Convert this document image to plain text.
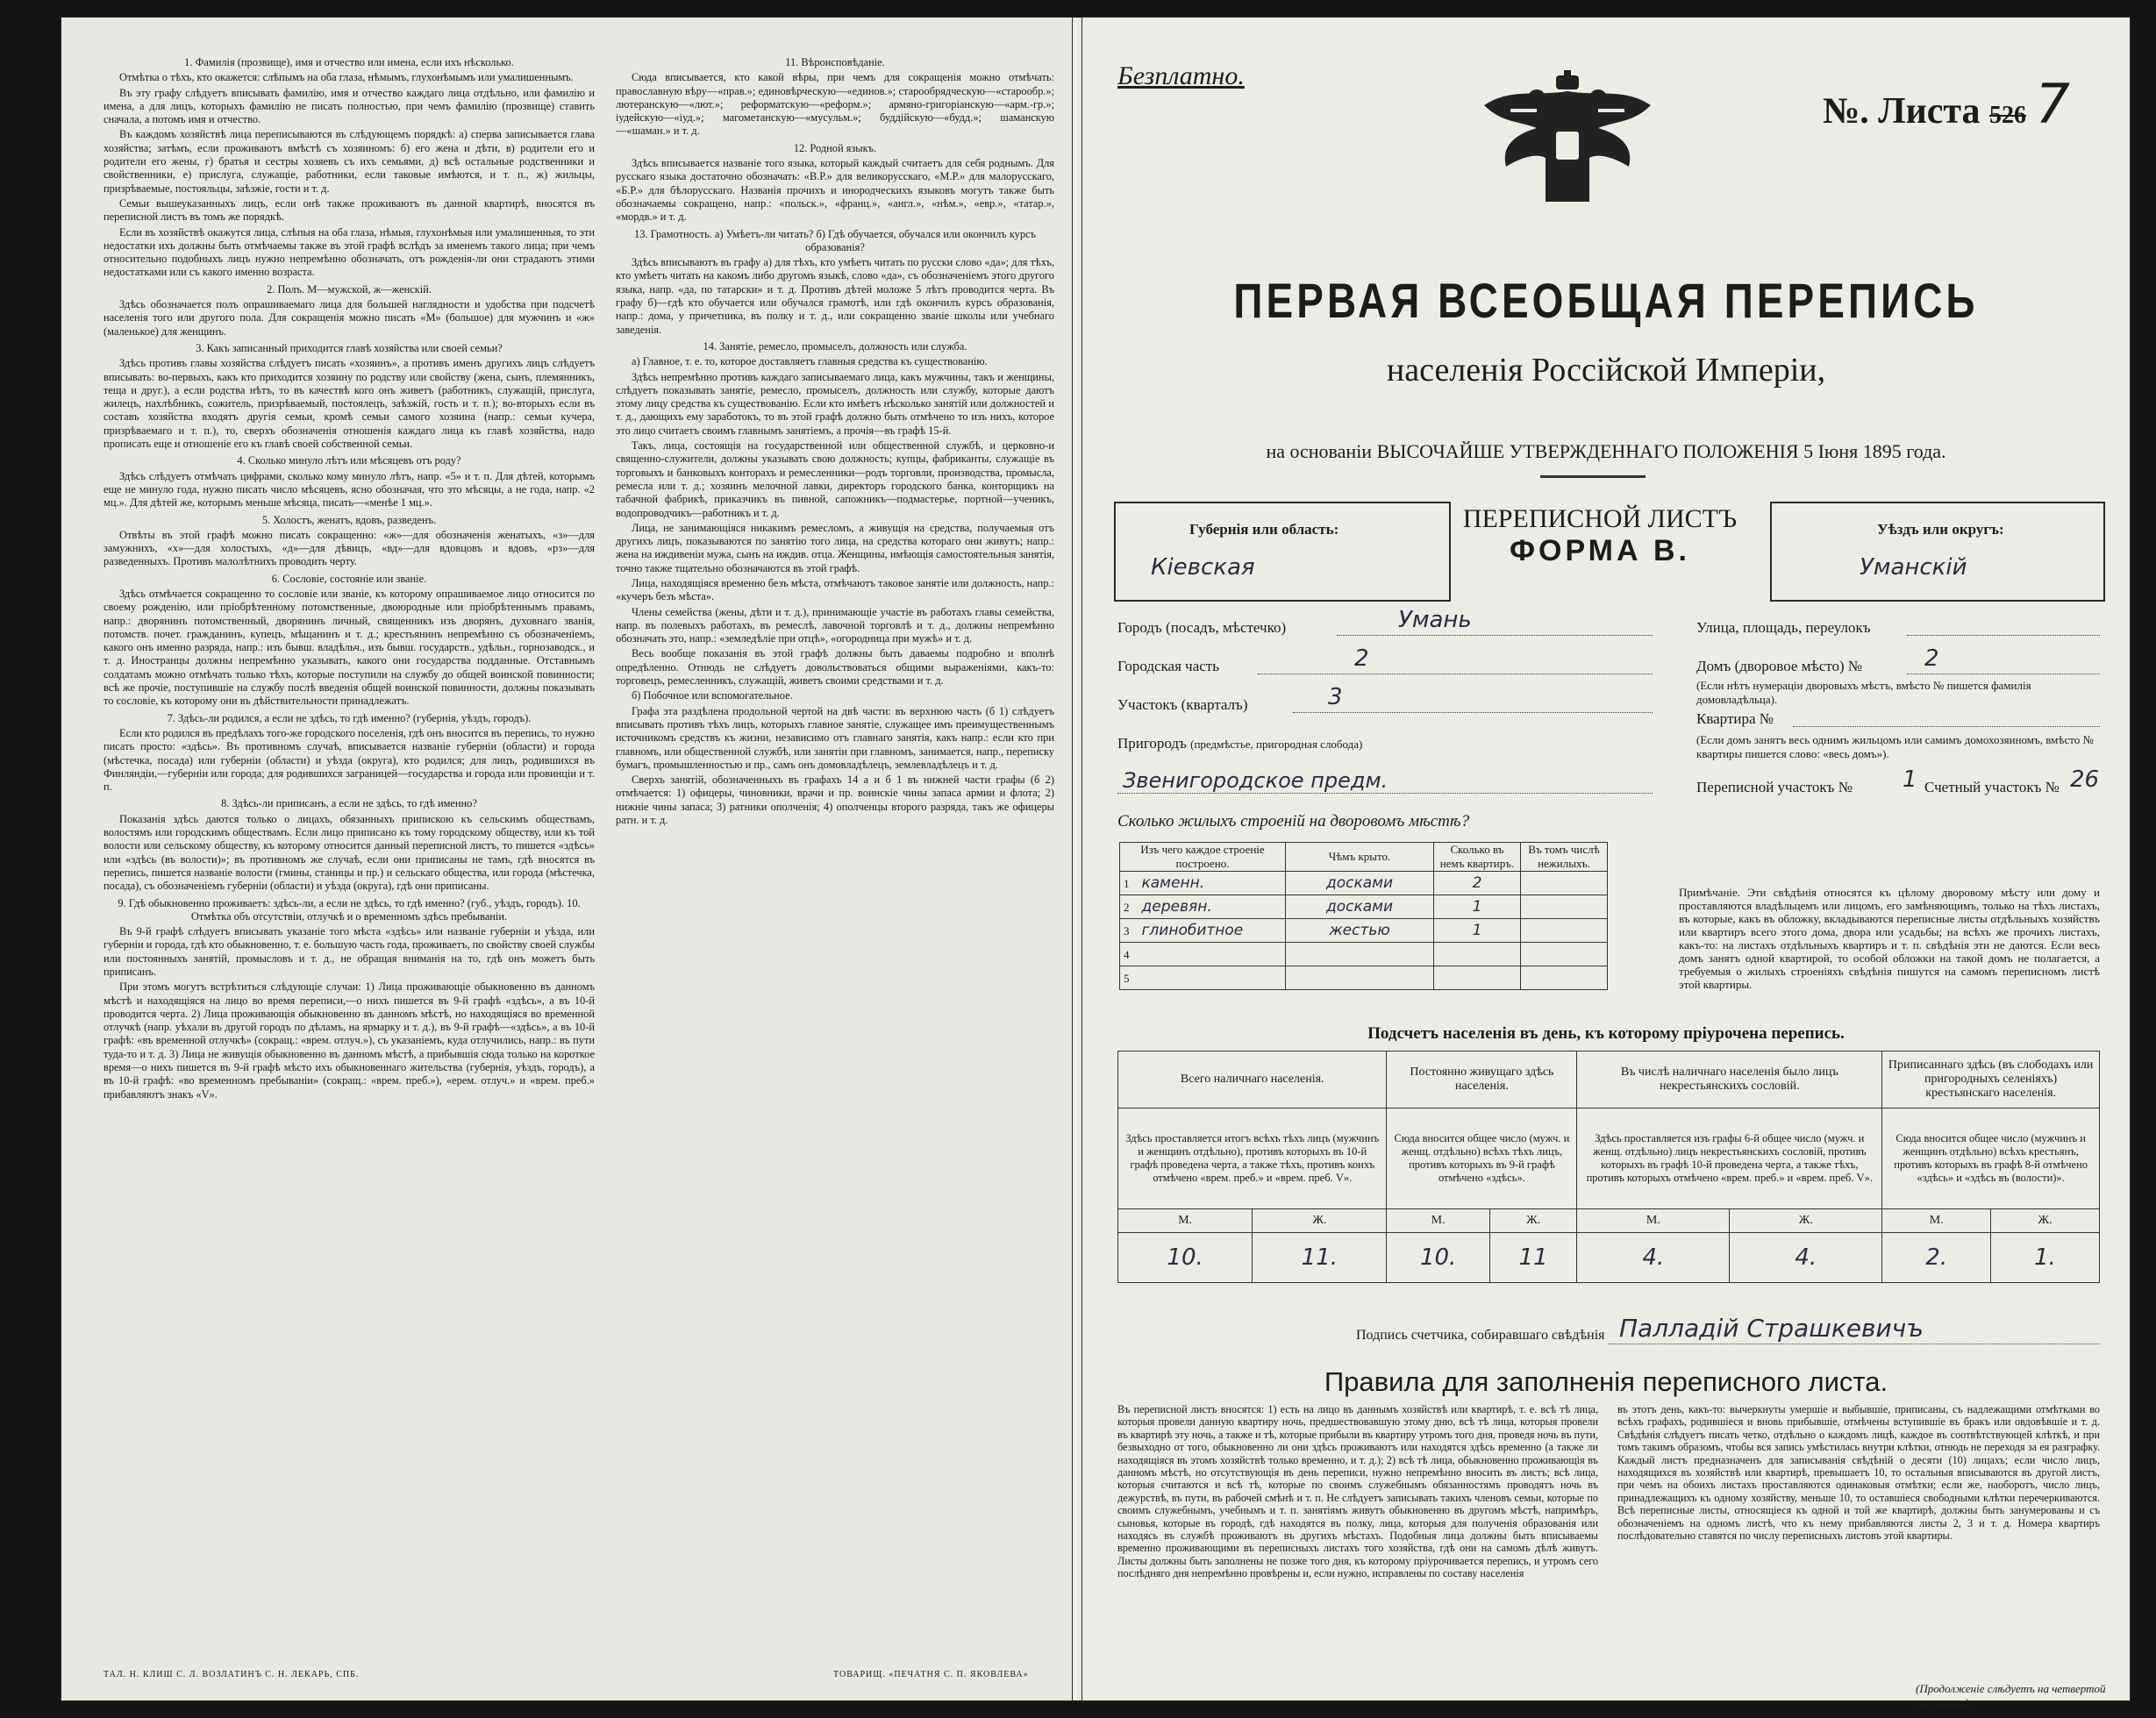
1. Фамилія (прозвище), имя и отчество или имена, если ихъ нѣсколько.
Отмѣтка о тѣхъ, кто окажется: слѣпымъ на оба глаза, нѣмымъ, глухонѣмымъ или умалишеннымъ.
Въ эту графу слѣдуетъ вписывать фамилію, имя и отчество каждаго лица отдѣльно, или фамилію и имена, а для лицъ, которыхъ фамилію не писать полностью, при чемъ фамилію (прозвище) ставить сначала, а потомъ имя и отчество.
Въ каждомъ хозяйствѣ лица переписываются въ слѣдующемъ порядкѣ: а) сперва записывается глава хозяйства; затѣмъ, если проживаютъ вмѣстѣ съ хозяиномъ: б) его жена и дѣти, в) родители его и родители его жены, г) братья и сестры хозяевъ съ ихъ семьями, д) всѣ остальные родственники и свойственники, е) прислуга, служащіе, работники, если таковые имѣются, и т. п., ж) жильцы, призрѣваемые, постояльцы, заѣзжіе, гости и т. д.
Семьи вышеуказанныхъ лицъ, если онѣ также проживаютъ въ данной квартирѣ, вносятся въ переписной листъ въ томъ же порядкѣ.
Если въ хозяйствѣ окажутся лица, слѣпыя на оба глаза, нѣмыя, глухонѣмыя или умалишенныя, то эти недостатки ихъ должны быть отмѣчаемы также въ этой графѣ вслѣдъ за именемъ такого лица; при чемъ относительно подобныхъ лицъ нужно непремѣнно обозначать, отъ рожденія-ли они страдаютъ этими недостатками или съ какого именно возраста.
2. Полъ. М—мужской, ж—женскій.
Здѣсь обозначается полъ опрашиваемаго лица для большей наглядности и удобства при подсчетѣ населенія того или другого пола. Для сокращенія можно писать «М» (большое) для мужчинъ и «ж» (маленькое) для женщинъ.
3. Какъ записанный приходится главѣ хозяйства или своей семьи?
Здѣсь противъ главы хозяйства слѣдуетъ писать «хозяинъ», а противъ именъ другихъ лицъ слѣдуетъ вписывать: во-первыхъ, какъ кто приходится хозяину по родству или свойству (жена, сынъ, племянникъ, теща и друг.), а если родства нѣтъ, то въ качествѣ кого онъ живетъ (работникъ, служащій, прислуга, жилецъ, нахлѣбникъ, сожитель, призрѣваемый, постоялецъ, заѣзжій, гость и т. п.); во-вторыхъ если въ составъ хозяйства входятъ другія семьи, кромѣ семьи самого хозяина (напр.: семьи кучера, призрѣваемаго и т. п.), то, сверхъ обозначенія отношенія каждаго лица къ главѣ хозяйства, надо прописать еще и отношеніе его къ главѣ своей собственной семьи.
4. Сколько минуло лѣтъ или мѣсяцевъ отъ роду?
Здѣсь слѣдуетъ отмѣчать цифрами, сколько кому минуло лѣтъ, напр. «5» и т. п. Для дѣтей, которымъ еще не минуло года, нужно писать число мѣсяцевъ, ясно обозначая, что это мѣсяцы, а не года, напр. «2 мц.». Для дѣтей же, которымъ меньше мѣсяца, писать—«менѣе 1 мц.».
5. Холостъ, женатъ, вдовъ, разведенъ.
Отвѣты въ этой графѣ можно писать сокращенно: «ж»—для обозначенія женатыхъ, «з»—для замужнихъ, «х»—для холостыхъ, «д»—для дѣвицъ, «вд»—для вдовцовъ и вдовъ, «рз»—для разведенныхъ. Противъ малолѣтнихъ проводить черту.
6. Сословіе, состояніе или званіе.
Здѣсь отмѣчается сокращенно то сословіе или званіе, къ которому опрашиваемое лицо относится по своему рожденію, или пріобрѣтенному потомственные, двоюродные или пріобрѣтеннымъ правамъ, напр.: дворянинъ потомственный, дворянинъ личный, священникъ изъ дворянъ, духовнаго званія, потомств. почет. гражданинъ, купецъ, мѣщанинъ и т. д.; крестьянинъ непремѣнно съ обозначеніемъ, какого онъ именно разряда, напр.: изъ бывш. владѣльч., изъ бывш. государств., удѣльн., горнозаводск., и т. д. Иностранцы должны непремѣнно указывать, какого они государства подданные. Отставнымъ солдатамъ можно отмѣчать только тѣхъ, которые поступили на службу до общей воинской повинности; всѣ же прочіе, поступившіе на службу послѣ введенія общей воинской повинности, должны показывать то сословіе, къ которому они въ дѣйствительности принадлежатъ.
7. Здѣсь-ли родился, а если не здѣсь, то гдѣ именно? (губернія, уѣздъ, городъ).
Если кто родился въ предѣлахъ того-же городского поселенія, гдѣ онъ вносится въ перепись, то нужно писать просто: «здѣсь». Въ противномъ случаѣ, вписывается названіе губерніи (области) и города (мѣстечка, посада) или губерніи (области) и уѣзда (округа), кто родился; для лицъ, родившихся въ Финляндіи,—губерніи или города; для родившихся заграницей—государства и города или провинціи и т. п.
8. Здѣсь-ли приписанъ, а если не здѣсь, то гдѣ именно?
Показанія здѣсь даются только о лицахъ, обязанныхъ припискою къ сельскимъ обществамъ, волостямъ или городскимъ обществамъ. Если лицо приписано къ тому городскому обществу, или къ той волости или сельскому обществу, къ которому относится данный переписной листъ, то пишется «здѣсь» или «здѣсь (въ волости)»; въ противномъ же случаѣ, если они приписаны не тамъ, гдѣ вносятся въ перепись, пишется названіе волости (гмины, станицы и пр.) и сельскаго общества, или города (мѣстечка, посада), съ обозначеніемъ губерніи (области) и уѣзда (округа), гдѣ они приписаны.
9. Гдѣ обыкновенно проживаетъ: здѣсь-ли, а если не здѣсь, то гдѣ именно? (губ., уѣздъ, городъ). 10. Отмѣтка объ отсутствіи, отлучкѣ и о временномъ здѣсь пребываніи.
Въ 9-й графѣ слѣдуетъ вписывать указаніе того мѣста «здѣсь» или названіе губерніи и уѣзда, или губерніи и города, гдѣ кто обыкновенно, т. е. большую часть года, проживаетъ, по свойству своей службы или постоянныхъ занятій, промысловъ и т. д., не обращая вниманія на то, гдѣ онъ можетъ быть приписанъ.
При этомъ могутъ встрѣтиться слѣдующіе случаи: 1) Лица проживающіе обыкновенно въ данномъ мѣстѣ и находящіяся на лицо во время переписи,—о нихъ пишется въ 9-й графѣ «здѣсь», а въ 10-й проводится черта. 2) Лица проживающія обыкновенно въ данномъ мѣстѣ, но находящіяся во временной отлучкѣ (напр. уѣхали въ другой городъ по дѣламъ, на ярмарку и т. д.), въ 9-й графѣ—«здѣсь», а въ 10-й графѣ: «въ временной отлучкѣ» (сокращ.: «врем. отлуч.»), съ указаніемъ, куда отлучились, напр.: въ пути туда-то и т. д. 3) Лица не живущія обыкновенно въ данномъ мѣстѣ, а прибывшія сюда только на короткое время—о нихъ пишется въ 9-й графѣ мѣсто ихъ обыкновеннаго жительства (губернія, уѣздъ, городъ), а въ 10-й графѣ: «во временномъ пребываніи» (сокращ.: «врем. преб.»), «ерем. отлуч.» и «врем. преб.» прибавляютъ знакъ «V».
11. Вѣроисповѣданіе.
Сюда вписывается, кто какой вѣры, при чемъ для сокращенія можно отмѣчать: православную вѣру—«прав.»; единовѣрческую—«единов.»; старообрядческую—«старообр.»; лютеранскую—«лют.»; реформатскую—«реформ.»; армяно-григоріанскую—«арм.-гр.»; іудейскую—«іуд.»; магометанскую—«мусульм.»; буддійскую—«будд.»; шаманскую—«шаман.» и т. д.
12. Родной языкъ.
Здѣсь вписывается названіе того языка, который каждый считаетъ для себя роднымъ. Для русскаго языка достаточно обозначать: «В.Р.» для великорусскаго, «М.Р.» для малорусскаго, «Б.Р.» для бѣлорусскаго. Названія прочихъ и инородческихъ языковъ могутъ также быть обозначаемы сокращено, напр.: «польск.», «франц.», «англ.», «нѣм.», «евр.», «татар.», «мордв.» и т. д.
13. Грамотность. а) Умѣетъ-ли читать? б) Гдѣ обучается, обучался или окончилъ курсъ образованія?
Здѣсь вписываютъ въ графу а) для тѣхъ, кто умѣетъ читать по русски слово «да»; для тѣхъ, кто умѣетъ читать на какомъ либо другомъ языкѣ, слово «да», съ обозначеніемъ этого другого языка, напр. «да, по татарски» и т. д. Противъ дѣтей моложе 5 лѣтъ проводится черта. Въ графу б)—гдѣ кто обучается или обучался грамотѣ, или гдѣ окончилъ курсъ образованія, напр.: дома, у причетника, въ полку и т. д., или сокращенно званіе школы или учебнаго заведенія.
14. Занятіе, ремесло, промыселъ, должность или служба.
а) Главное, т. е. то, которое доставляетъ главныя средства къ существованію.
Здѣсь непремѣнно противъ каждаго записываемаго лица, какъ мужчины, такъ и женщины, слѣдуетъ показывать занятіе, ремесло, промыселъ, должность или службу, которые даютъ этому лицу средства къ существованію. Если кто имѣетъ нѣсколько занятій или должностей и т. д., дающихъ ему заработокъ, то въ этой графѣ должно быть отмѣчено то изъ нихъ, которое это лицо считаетъ своимъ главнымъ занятіемъ, а прочія—въ графѣ 15-й.
Такъ, лица, состоящія на государственной или общественной службѣ, и церковно-и священно-служители, должны указывать свою должность; купцы, фабриканты, служащіе въ торговыхъ и банковыхъ конторахъ и ремесленники—родъ торговли, производства, промысла, ремесла или т. д.; хозяинъ мелочной лавки, директоръ городского банка, конторщикъ на табачной фабрикѣ, приказчикъ въ пивной, сапожникъ—подмастерье, портной—ученикъ, водопроводчикъ—работникъ и т. д.
Лица, не занимающіяся никакимъ ремесломъ, а живущія на средства, получаемыя отъ другихъ лицъ, показываются по занятію того лица, на средства котораго они живутъ; напр.: жена на иждивеніи мужа, сынъ на иждив. отца. Женщины, имѣющія самостоятельныя занятія, точно также тщательно обозначаются въ этой графѣ.
Лица, находящіяся временно безъ мѣста, отмѣчаютъ таковое занятіе или должность, напр.: «кучеръ безъ мѣста».
Члены семейства (жены, дѣти и т. д.), принимающіе участіе въ работахъ главы семейства, напр. въ полевыхъ работахъ, въ ремеслѣ, лавочной торговлѣ и т. д., должны непремѣнно обозначать это, напр.: «земледѣліе при отцѣ», «огородница при мужѣ» и т. д.
Весь вообще показанія въ этой графѣ должны быть даваемы подробно и вполнѣ опредѣленно. Отнюдь не слѣдуетъ довольствоваться общими выраженіями, какъ-то: торговецъ, ремесленникъ, служащій, живетъ своими средствами и т. д.
б) Побочное или вспомогательное.
Графа эта раздѣлена продольной чертой на двѣ части: въ верхнюю часть (б 1) слѣдуетъ вписывать противъ тѣхъ лицъ, которыхъ главное занятіе, служащее имъ преимущественнымъ источникомъ средствъ къ жизни, независимо отъ главнаго занятія, какъ напр.: если кто при главномъ, или общественной службѣ, или занятіи при главномъ, занимается, напр., переписку бумагъ, промышленностью и пр., самъ онъ домовладѣлецъ, землевладѣлецъ и т. д.
Сверхъ занятій, обозначенныхъ въ графахъ 14 а и б 1 въ нижней части графы (б 2) отмѣчается: 1) офицеры, чиновники, врачи и пр. воинскіе чины запаса армии и флота; 2) нижніе чины запаса; 3) ратники ополченія; 4) ополченцы второго разряда, такъ же офицеры ратн. и т. д.
ТАЛ. Н. КЛИШ С. Л. ВОЗЛАТИНЪ С. Н. ЛЕКАРЬ, СПБ.	ТОВАРИЩ. «ПЕЧАТНЯ С. П. ЯКОВЛЕВА»
Безплатно.
№. Листа 526 7
ПЕРВАЯ ВСЕОБЩАЯ ПЕРЕПИСЬ
населенія Россійской Имперіи,
на основаніи ВЫСОЧАЙШЕ УТВЕРЖДЕННАГО ПОЛОЖЕНІЯ 5 Іюня 1895 года.
Губернія или область:
Кіевская
ПЕРЕПИСНОЙ ЛИСТЪ
ФОРМА В.
Уѣздъ или округъ:
Уманскій
Городъ (посадъ, мѣстечко)	Умань
Городская часть	2
Участокъ (кварталъ)	3
Пригородъ (предмѣстье, пригородная слобода)
Звенигородское предм.
Улица, площадь, переулокъ
Домъ (дворовое мѣсто) №	2
(Если нѣтъ нумераціи дворовыхъ мѣстъ, вмѣсто № пишется фамилія домовладѣльца).
Квартира №
(Если домъ занятъ весь однимъ жильцомъ или самимъ домохозяиномъ, вмѣсто № квартиры пишется слово: «весь домъ»).
Переписной участокъ № 1 Счетный участокъ № 26
Сколько жилыхъ строеній на дворовомъ мѣстѣ?
Изъ чего каждое строеніе построено.	Чѣмъ крыто.	Сколько въ немъ квартиръ.	Въ томъ числѣ нежилыхъ.
1 каменн.	досками	2	
2 деревян.	досками	1	
3 глинобитное	жестью	1	
4			
5			
Примѣчаніе. Эти свѣдѣнія относятся къ цѣлому дворовому мѣсту или дому и проставляются владѣльцемъ или лицомъ, его замѣняющимъ, только на тѣхъ листахъ, въ которые, какъ въ обложку, вкладываются переписные листы отдѣльныхъ хозяйствъ или квартиръ всего этого дома, двора или усадьбы; на всѣхъ же прочихъ листахъ, какъ-то: на листахъ отдѣльныхъ квартиръ и т. п. свѣдѣнія эти не даются. Если весь домъ занятъ одной квартирой, то особой обложки на такой домъ не полагается, а требуемыя о жилыхъ строеніяхъ свѣдѣнія пишутся на самомъ переписномъ листѣ этой квартиры.
Подсчетъ населенія въ день, къ которому пріурочена перепись.
Всего наличнаго населенія.		Постоянно живущаго здѣсь населенія.		Въ числѣ наличнаго населенія было лицъ некрестьянскихъ сословій.		Приписаннаго здѣсь (въ слободахъ или пригородныхъ селеніяхъ) крестьянскаго населенія.	
Здѣсь проставляется итогъ всѣхъ тѣхъ лицъ (мужчинъ и женщинъ отдѣльно), противъ которыхъ въ 10-й графѣ проведена черта, а также тѣхъ, противъ коихъ отмѣчено «врем. преб.» и «врем. преб. V».		Сюда вносится общее число (мужч. и женщ. отдѣльно) всѣхъ тѣхъ лицъ, противъ которыхъ въ 9-й графѣ отмѣчено «здѣсь».		Здѣсь проставляется изъ графы 6-й общее число (мужч. и женщ. отдѣльно) лицъ некрестьянскихъ сословій, противъ которыхъ въ графѣ 10-й проведена черта, а также тѣхъ, противъ которыхъ отмѣчено «врем. преб.» и «врем. преб. V».		Сюда вносится общее число (мужчинъ и женщинъ отдѣльно) всѣхъ крестьянъ, противъ которыхъ въ графѣ 8-й отмѣчено «здѣсь» и «здѣсь въ (волости)».	
М.	Ж.	М.	Ж.	М.	Ж.	М.	Ж.
10.	11.	10.	11	4.	4.	2.	1.
Подпись счетчика, собиравшаго свѣдѣнія Палладій Страшкевичъ
Правила для заполненія переписного листа.
Въ переписной листъ вносятся: 1) есть на лицо въ даннымъ хозяйствѣ или квартирѣ, т. е. всѣ тѣ лица, которыя провели данную квартиру ночь, предшествовавшую этому дню, всѣ тѣ лица, которыя провели въ квартирѣ эту ночь, а также и тѣ, которые прибыли въ квартиру утромъ того дня, проведя ночь въ пути, безвыходно от того, обыкновенно ли они здѣсь проживаютъ или находятся здѣсь временно (а также ли находящіяся въ этомъ хозяйствѣ только временно, и т. д.); 2) всѣ тѣ лица, обыкновенно проживающія въ данномъ мѣстѣ, но отсутствующія въ день переписи, нужно непремѣнно вносить въ листъ; всѣ лица, которыя считаются и всѣ тѣ, которые по своимъ служебнымъ обязанностямъ проводятъ ночь въ дежурствѣ, въ пути, въ рабочей смѣнѣ и т. п. Не слѣдуетъ записывать такихъ членовъ семьи, которые по своимъ служебнымъ, учебнымъ и т. п. занятіямъ живутъ обыкновенно въ другомъ мѣстѣ, напримѣръ, сыновья, которые въ городѣ, гдѣ находятся въ полку, лица, которыя для полученія образованія или находясь въ службѣ проживаютъ въ другихъ мѣстахъ. Подобныя лица должны быть вписываемы временно проживающими въ переписныхъ листахъ того хозяйства, гдѣ они на самомъ дѣлѣ живутъ. Листы должны быть заполнены не позже того дня, къ которому пріурочивается перепись, и утромъ сего послѣдняго дня непремѣнно провѣрены и, если нужно, исправлены по составу населенія
въ этотъ день, какъ-то: вычеркнуты умершіе и выбывшіе, приписаны, съ надлежащими отмѣтками во всѣхъ графахъ, родившіеся и вновь прибывшіе, отмѣчены вступившіе въ бракъ или овдовѣвшіе и т. д. Свѣдѣнія слѣдуетъ писать четко, отдѣльно о каждомъ лицѣ, каждое въ соотвѣтствующей клѣткѣ, и при томъ такимъ образомъ, чтобы вся запись умѣстилась внутри клѣтки, отнюдь не переходя за ея разграфку. Каждый листъ предназначенъ для записыванія свѣдѣній о десяти (10) лицахъ; если число лицъ, находящихся въ хозяйствѣ или квартирѣ, превышаетъ 10, то остальныя вписываются въ другой листъ, при чемъ на обоихъ листахъ проставляются одинаковыя отмѣтки; если же, наоборотъ, число лицъ, принадлежащихъ къ одному хозяйству, меньше 10, то оставшіеся свободными клѣтки перечеркиваются. Всѣ переписные листы, относящіеся къ одной и той же квартирѣ, должны быть занумерованы и съ обозначеніемъ на одномъ листѣ, что къ нему прибавляются листы 2, 3 и т. д. Номера квартиръ послѣдовательно ставятся по числу переписныхъ листовъ этой квартиры.
(Продолженіе слѣдуетъ на четвертой страницѣ).
